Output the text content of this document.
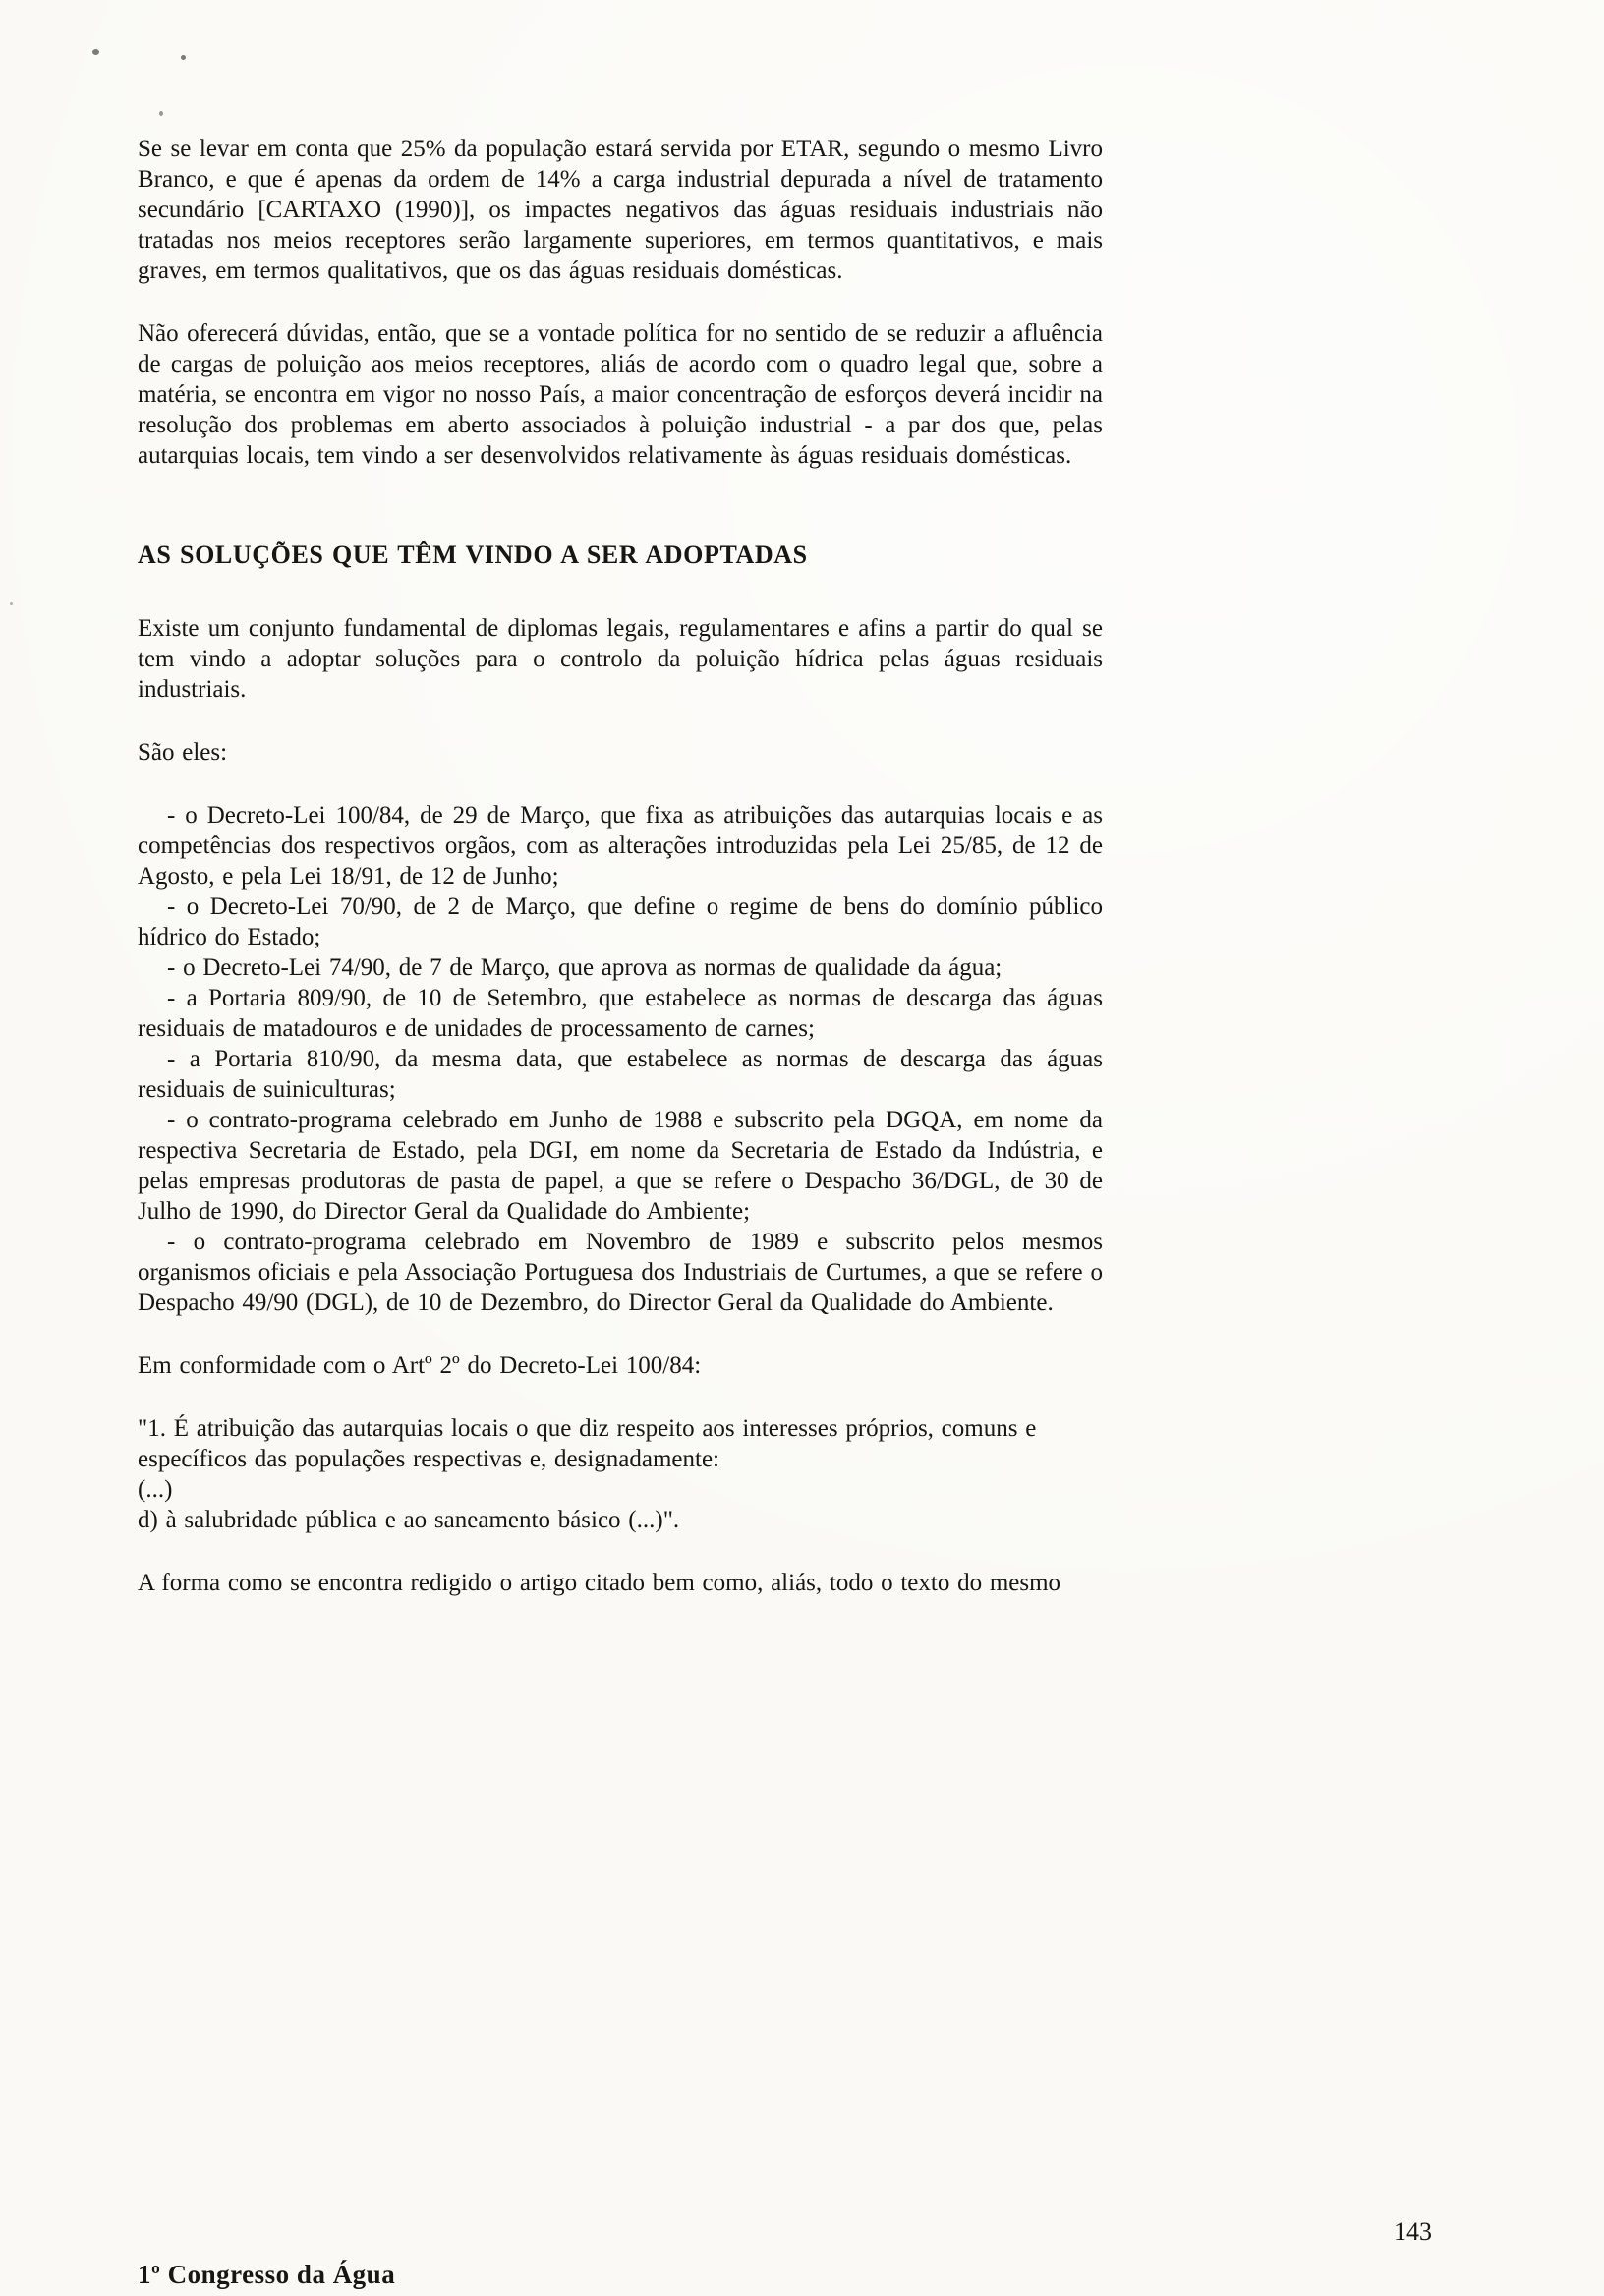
Se se levar em conta que 25% da população estará servida por ETAR, segundo o mesmo Livro Branco, e que é apenas da ordem de 14% a carga industrial depurada a nível de tratamento secundário [CARTAXO (1990)], os impactes negativos das águas residuais industriais não tratadas nos meios receptores serão largamente superiores, em termos quantitativos, e mais graves, em termos qualitativos, que os das águas residuais domésticas.

Não oferecerá dúvidas, então, que se a vontade política for no sentido de se reduzir a afluência de cargas de poluição aos meios receptores, aliás de acordo com o quadro legal que, sobre a matéria, se encontra em vigor no nosso País, a maior concentração de esforços deverá incidir na resolução dos problemas em aberto associados à poluição industrial - a par dos que, pelas autarquias locais, tem vindo a ser desenvolvidos relativamente às águas residuais domésticas.

AS SOLUÇÕES QUE TÊM VINDO A SER ADOPTADAS

Existe um conjunto fundamental de diplomas legais, regulamentares e afins a partir do qual se tem vindo a adoptar soluções para o controlo da poluição hídrica pelas águas residuais industriais.

São eles:

- o Decreto-Lei 100/84, de 29 de Março, que fixa as atribuições das autarquias locais e as competências dos respectivos orgãos, com as alterações introduzidas pela Lei 25/85, de 12 de Agosto, e pela Lei 18/91, de 12 de Junho;

- o Decreto-Lei 70/90, de 2 de Março, que define o regime de bens do domínio público hídrico do Estado;

- o Decreto-Lei 74/90, de 7 de Março, que aprova as normas de qualidade da água;

- a Portaria 809/90, de 10 de Setembro, que estabelece as normas de descarga das águas residuais de matadouros e de unidades de processamento de carnes;

- a Portaria 810/90, da mesma data, que estabelece as normas de descarga das águas residuais de suiniculturas;

- o contrato-programa celebrado em Junho de 1988 e subscrito pela DGQA, em nome da respectiva Secretaria de Estado, pela DGI, em nome da Secretaria de Estado da Indústria, e pelas empresas produtoras de pasta de papel, a que se refere o Despacho 36/DGL, de 30 de Julho de 1990, do Director Geral da Qualidade do Ambiente;

- o contrato-programa celebrado em Novembro de 1989 e subscrito pelos mesmos organismos oficiais e pela Associação Portuguesa dos Industriais de Curtumes, a que se refere o Despacho 49/90 (DGL), de 10 de Dezembro, do Director Geral da Qualidade do Ambiente.

Em conformidade com o Artº 2º do Decreto-Lei 100/84:

"1. É atribuição das autarquias locais o que diz respeito aos interesses próprios, comuns e específicos das populações respectivas e, designadamente:

(...)

d) à salubridade pública e ao saneamento básico (...)".

A forma como se encontra redigido o artigo citado bem como, aliás, todo o texto do mesmo

1º Congresso da Água
143
